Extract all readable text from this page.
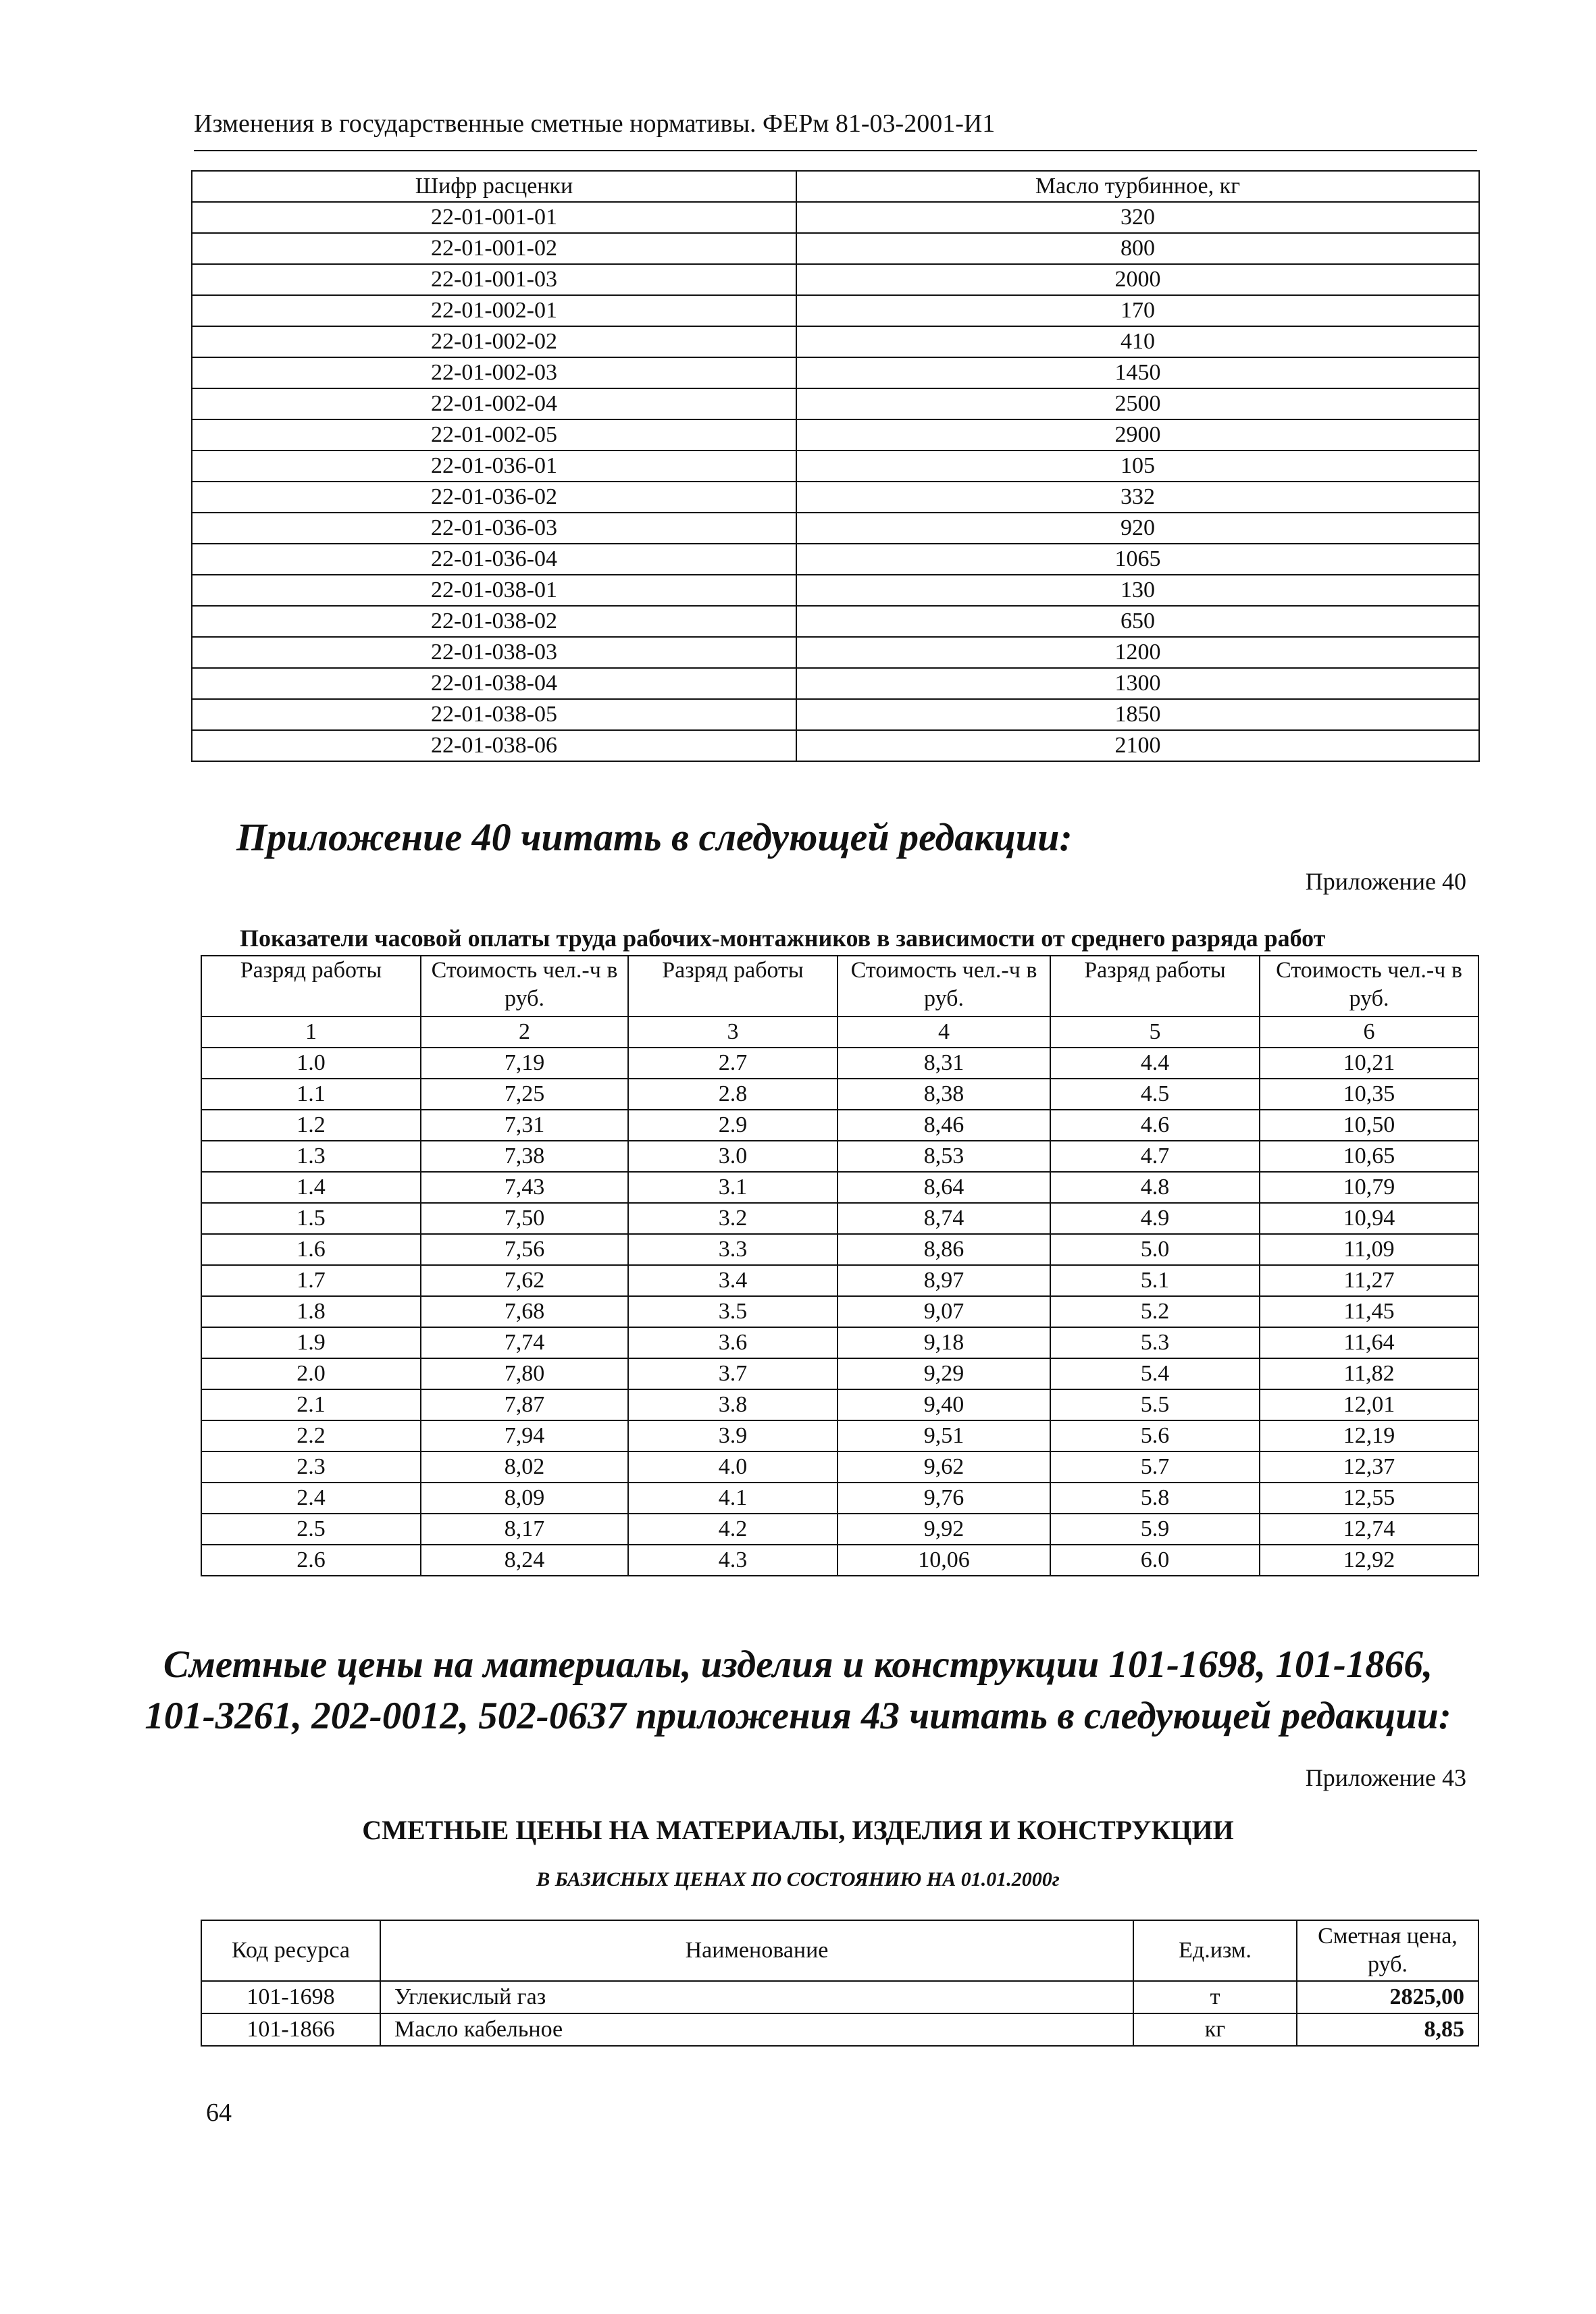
Изменения в государственные сметные нормативы. ФЕРм 81-03-2001-И1
Шифр расценки	Масло турбинное, кг
22-01-001-01	320
22-01-001-02	800
22-01-001-03	2000
22-01-002-01	170
22-01-002-02	410
22-01-002-03	1450
22-01-002-04	2500
22-01-002-05	2900
22-01-036-01	105
22-01-036-02	332
22-01-036-03	920
22-01-036-04	1065
22-01-038-01	130
22-01-038-02	650
22-01-038-03	1200
22-01-038-04	1300
22-01-038-05	1850
22-01-038-06	2100
Приложение 40 читать в следующей редакции:
Приложение 40
Показатели часовой оплаты труда рабочих-монтажников в зависимости от среднего разряда работ
Разряд работы	Стоимость чел.-ч в руб.	Разряд работы	Стоимость чел.-ч в руб.	Разряд работы	Стоимость чел.-ч в руб.
1	2	3	4	5	6
1.0	7,19	2.7	8,31	4.4	10,21
1.1	7,25	2.8	8,38	4.5	10,35
1.2	7,31	2.9	8,46	4.6	10,50
1.3	7,38	3.0	8,53	4.7	10,65
1.4	7,43	3.1	8,64	4.8	10,79
1.5	7,50	3.2	8,74	4.9	10,94
1.6	7,56	3.3	8,86	5.0	11,09
1.7	7,62	3.4	8,97	5.1	11,27
1.8	7,68	3.5	9,07	5.2	11,45
1.9	7,74	3.6	9,18	5.3	11,64
2.0	7,80	3.7	9,29	5.4	11,82
2.1	7,87	3.8	9,40	5.5	12,01
2.2	7,94	3.9	9,51	5.6	12,19
2.3	8,02	4.0	9,62	5.7	12,37
2.4	8,09	4.1	9,76	5.8	12,55
2.5	8,17	4.2	9,92	5.9	12,74
2.6	8,24	4.3	10,06	6.0	12,92
Сметные цены на материалы, изделия и конструкции 101-1698, 101-1866,
101-3261, 202-0012, 502-0637 приложения 43 читать в следующей редакции:
Приложение 43
СМЕТНЫЕ ЦЕНЫ НА МАТЕРИАЛЫ, ИЗДЕЛИЯ И КОНСТРУКЦИИ
В БАЗИСНЫХ ЦЕНАХ ПО СОСТОЯНИЮ НА 01.01.2000г
Код ресурса	Наименование	Ед.изм.	Сметная цена, руб.
101-1698	Углекислый газ	т	2825,00
101-1866	Масло кабельное	кг	8,85
64
